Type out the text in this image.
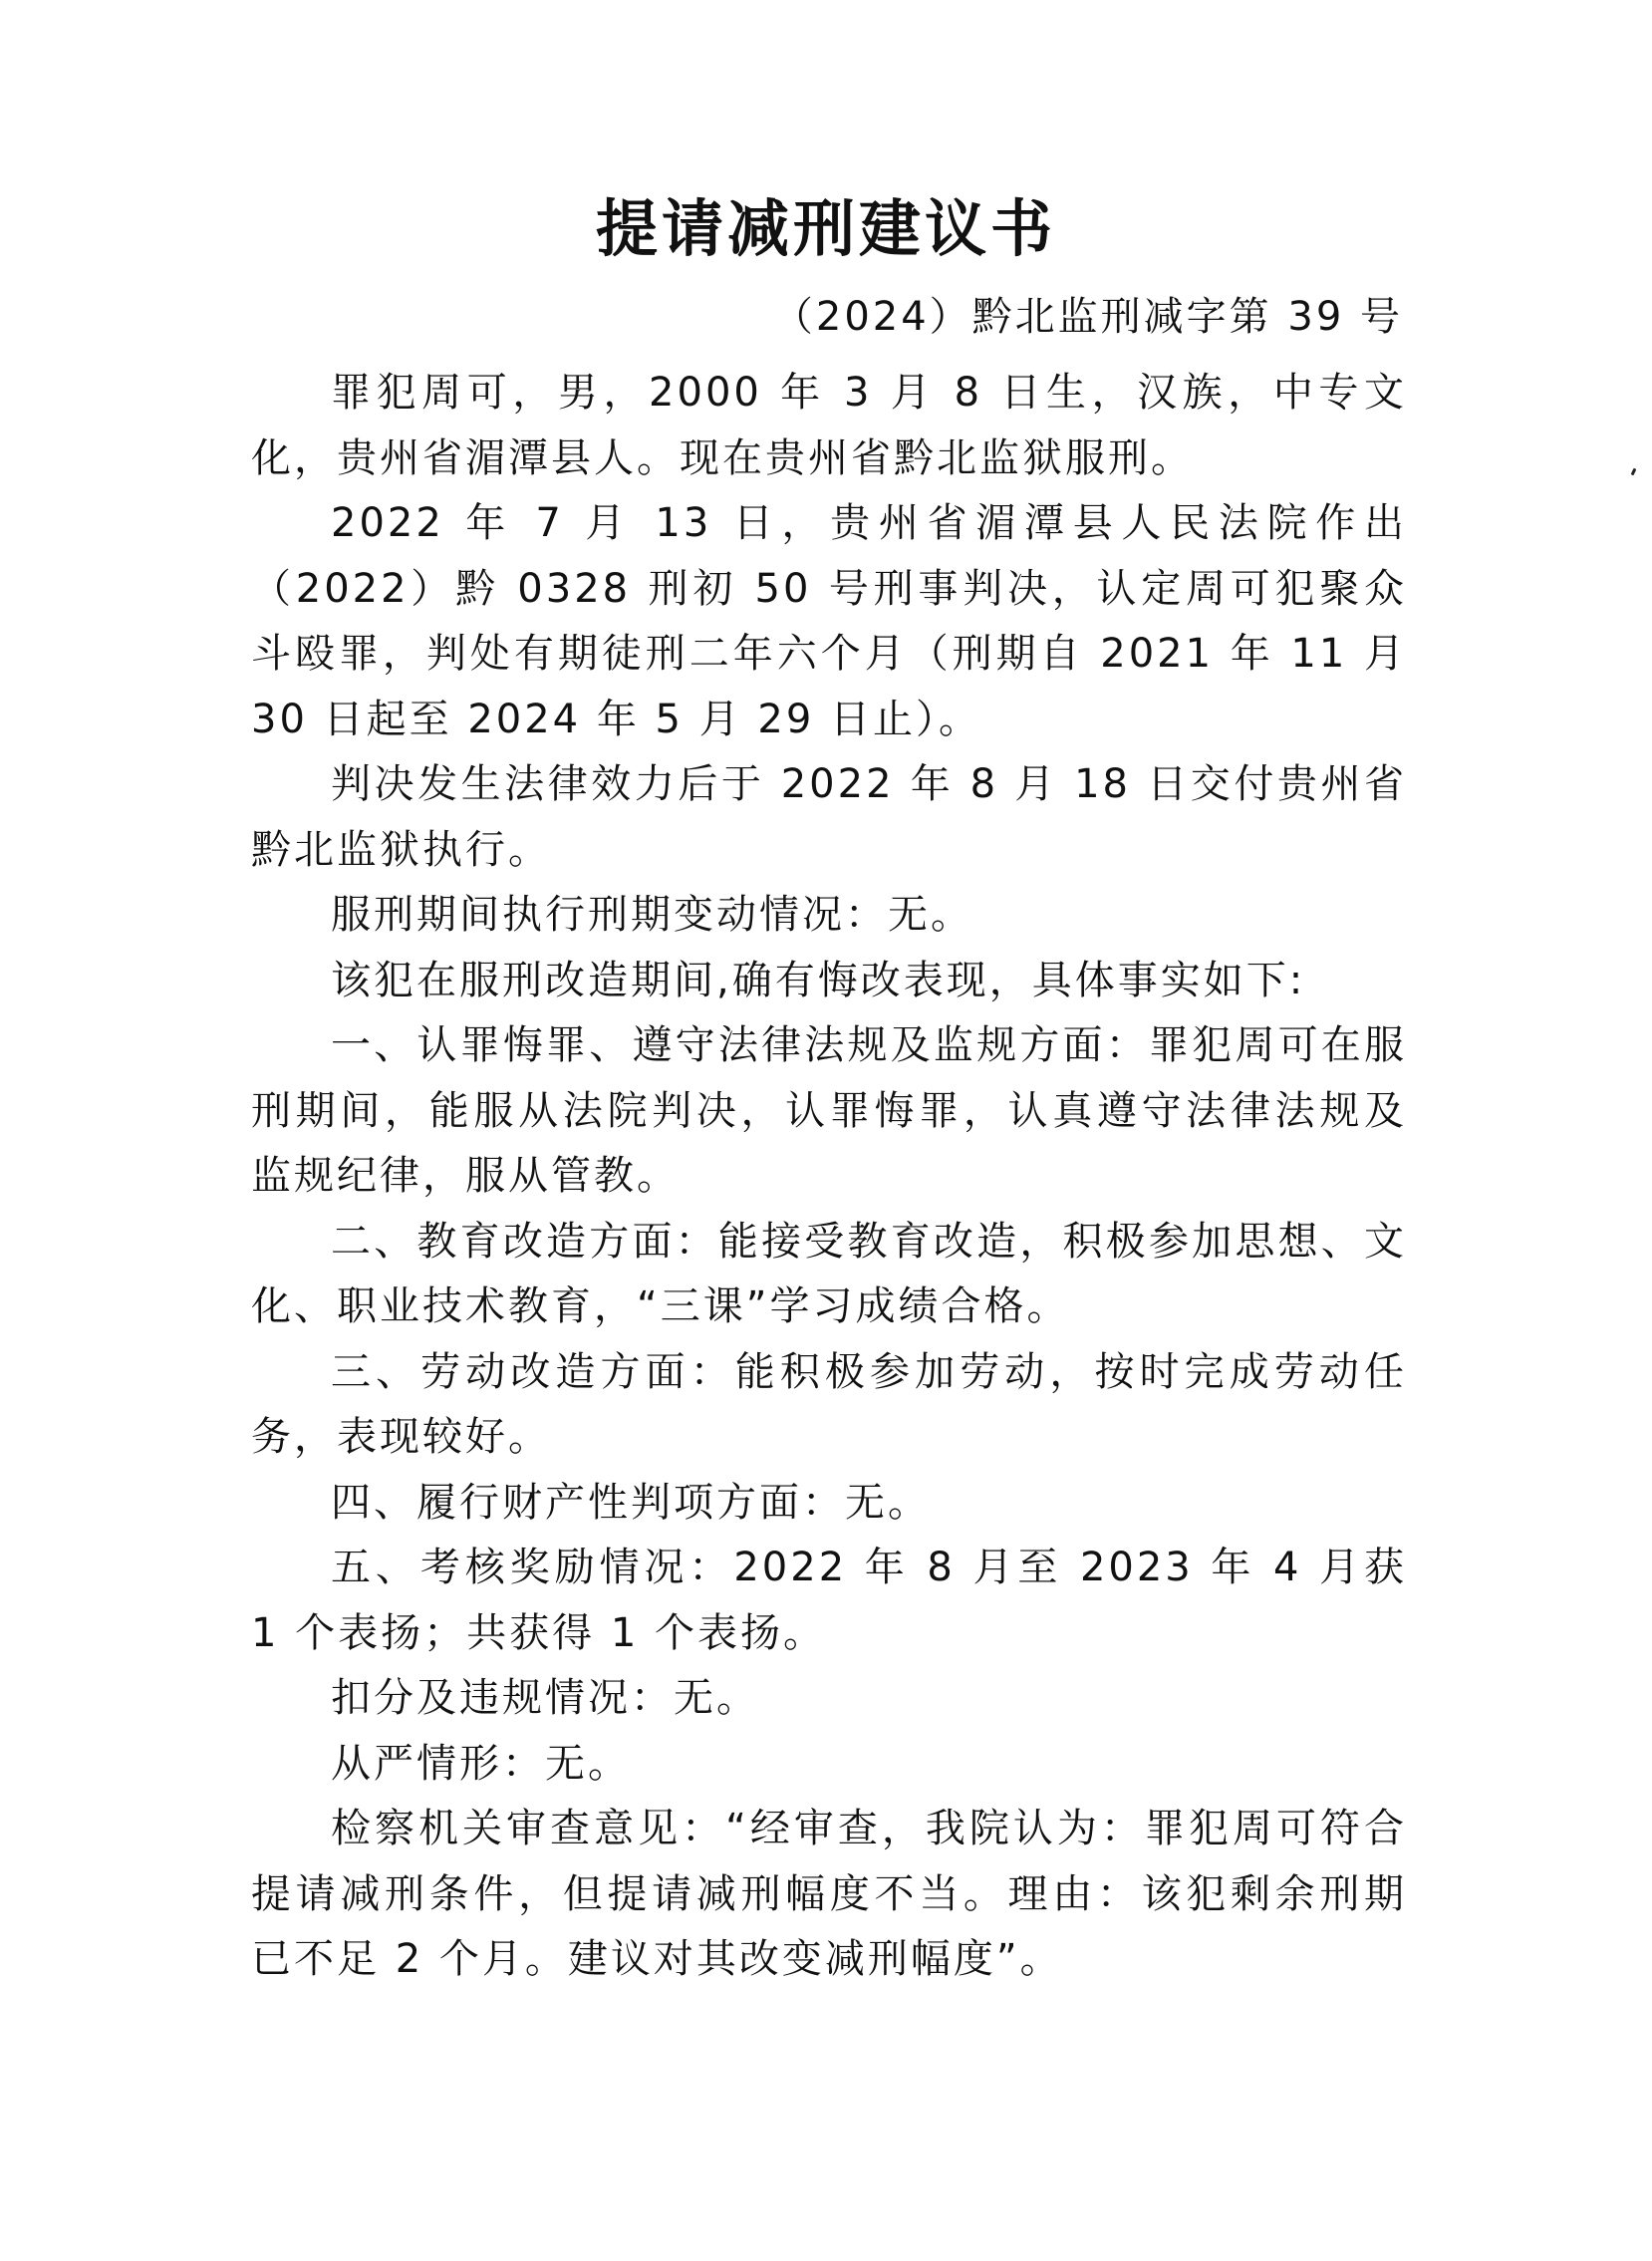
提请减刑建议书
（2024）黔北监刑减字第 39 号

罪犯周可，男，2000 年 3 月 8 日生，汉族，中专文化，贵州省湄潭县人。现在贵州省黔北监狱服刑。

2022 年 7 月 13 日，贵州省湄潭县人民法院作出（2022）黔 0328 刑初 50 号刑事判决，认定周可犯聚众斗殴罪，判处有期徒刑二年六个月（刑期自 2021 年 11 月 30 日起至 2024 年 5 月 29 日止）。

判决发生法律效力后于 2022 年 8 月 18 日交付贵州省黔北监狱执行。

服刑期间执行刑期变动情况：无。

该犯在服刑改造期间,确有悔改表现，具体事实如下:

一、认罪悔罪、遵守法律法规及监规方面：罪犯周可在服刑期间，能服从法院判决，认罪悔罪，认真遵守法律法规及监规纪律，服从管教。

二、教育改造方面：能接受教育改造，积极参加思想、文化、职业技术教育，“三课”学习成绩合格。

三、劳动改造方面：能积极参加劳动，按时完成劳动任务，表现较好。

四、履行财产性判项方面：无。

五、考核奖励情况：2022 年 8 月至 2023 年 4 月获 1 个表扬；共获得 1 个表扬。

扣分及违规情况：无。

从严情形：无。

检察机关审查意见：“经审查，我院认为：罪犯周可符合提请减刑条件，但提请减刑幅度不当。理由：该犯剩余刑期已不足 2 个月。建议对其改变减刑幅度”。
